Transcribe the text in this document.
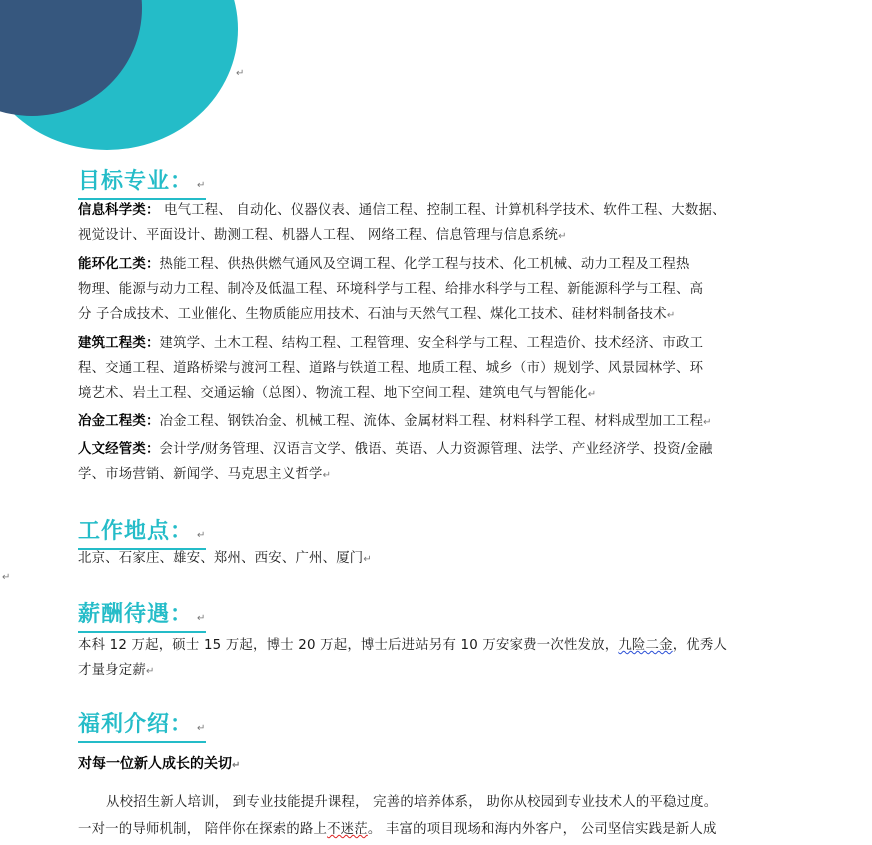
↵
↵
目标专业： ↵
信息科学类： 电气工程、 自动化、仪器仪表、通信工程、控制工程、计算机科学技术、软件工程、大数据、
视觉设计、平面设计、勘测工程、机器人工程、 网络工程、信息管理与信息系统↵
能环化工类：热能工程、供热供燃气通风及空调工程、化学工程与技术、化工机械、动力工程及工程热
物理、能源与动力工程、制冷及低温工程、环境科学与工程、给排水科学与工程、新能源科学与工程、高
分 子合成技术、工业催化、生物质能应用技术、石油与天然气工程、煤化工技术、硅材料制备技术↵
建筑工程类：建筑学、土木工程、结构工程、工程管理、安全科学与工程、工程造价、技术经济、市政工
程、交通工程、道路桥梁与渡河工程、道路与铁道工程、地质工程、城乡（市）规划学、风景园林学、环
境艺术、岩土工程、交通运输（总图）、物流工程、地下空间工程、建筑电气与智能化↵
冶金工程类：冶金工程、钢铁冶金、机械工程、流体、金属材料工程、材料科学工程、材料成型加工工程↵
人文经管类：会计学/财务管理、汉语言文学、俄语、英语、人力资源管理、法学、产业经济学、投资/金融
学、市场营销、新闻学、马克思主义哲学↵
工作地点： ↵
北京、石家庄、雄安、郑州、西安、广州、厦门↵
薪酬待遇： ↵
本科 12 万起，硕士 15 万起，博士 20 万起，博士后进站另有 10 万安家费一次性发放，九险二金，优秀人
才量身定薪↵
福利介绍： ↵
对每一位新人成长的关切↵
从校招生新人培训， 到专业技能提升课程， 完善的培养体系， 助你从校园到专业技术人的平稳过度。
一对一的导师机制， 陪伴你在探索的路上不迷茫。 丰富的项目现场和海内外客户， 公司坚信实践是新人成
